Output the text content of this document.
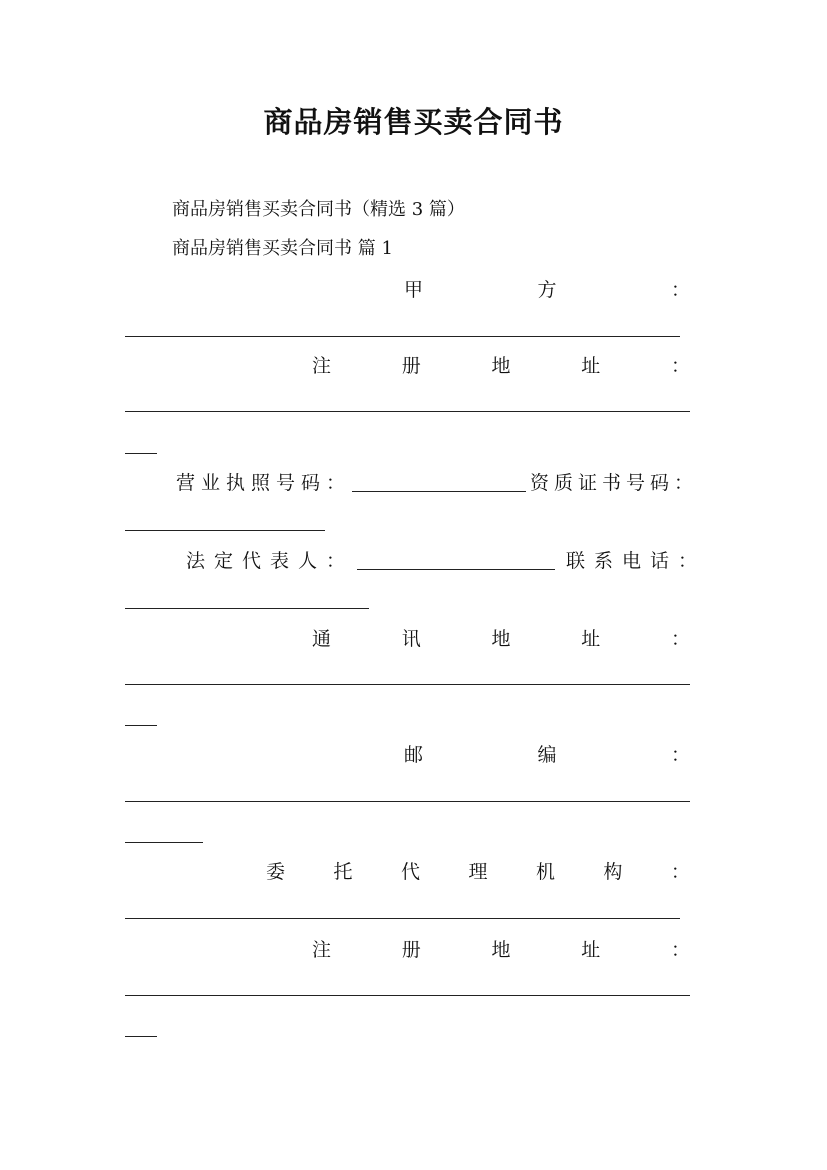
商品房销售买卖合同书
商品房销售买卖合同书（精选 3 篇）
商品房销售买卖合同书 篇 1
甲	方	：
注	册	地	址	：
营业执照号码：	资质证书号码：
法定代表人：	联系电话：
通	讯	地	址	：
邮	编	：
委	托	代	理	机	构	：
注	册	地	址	：
